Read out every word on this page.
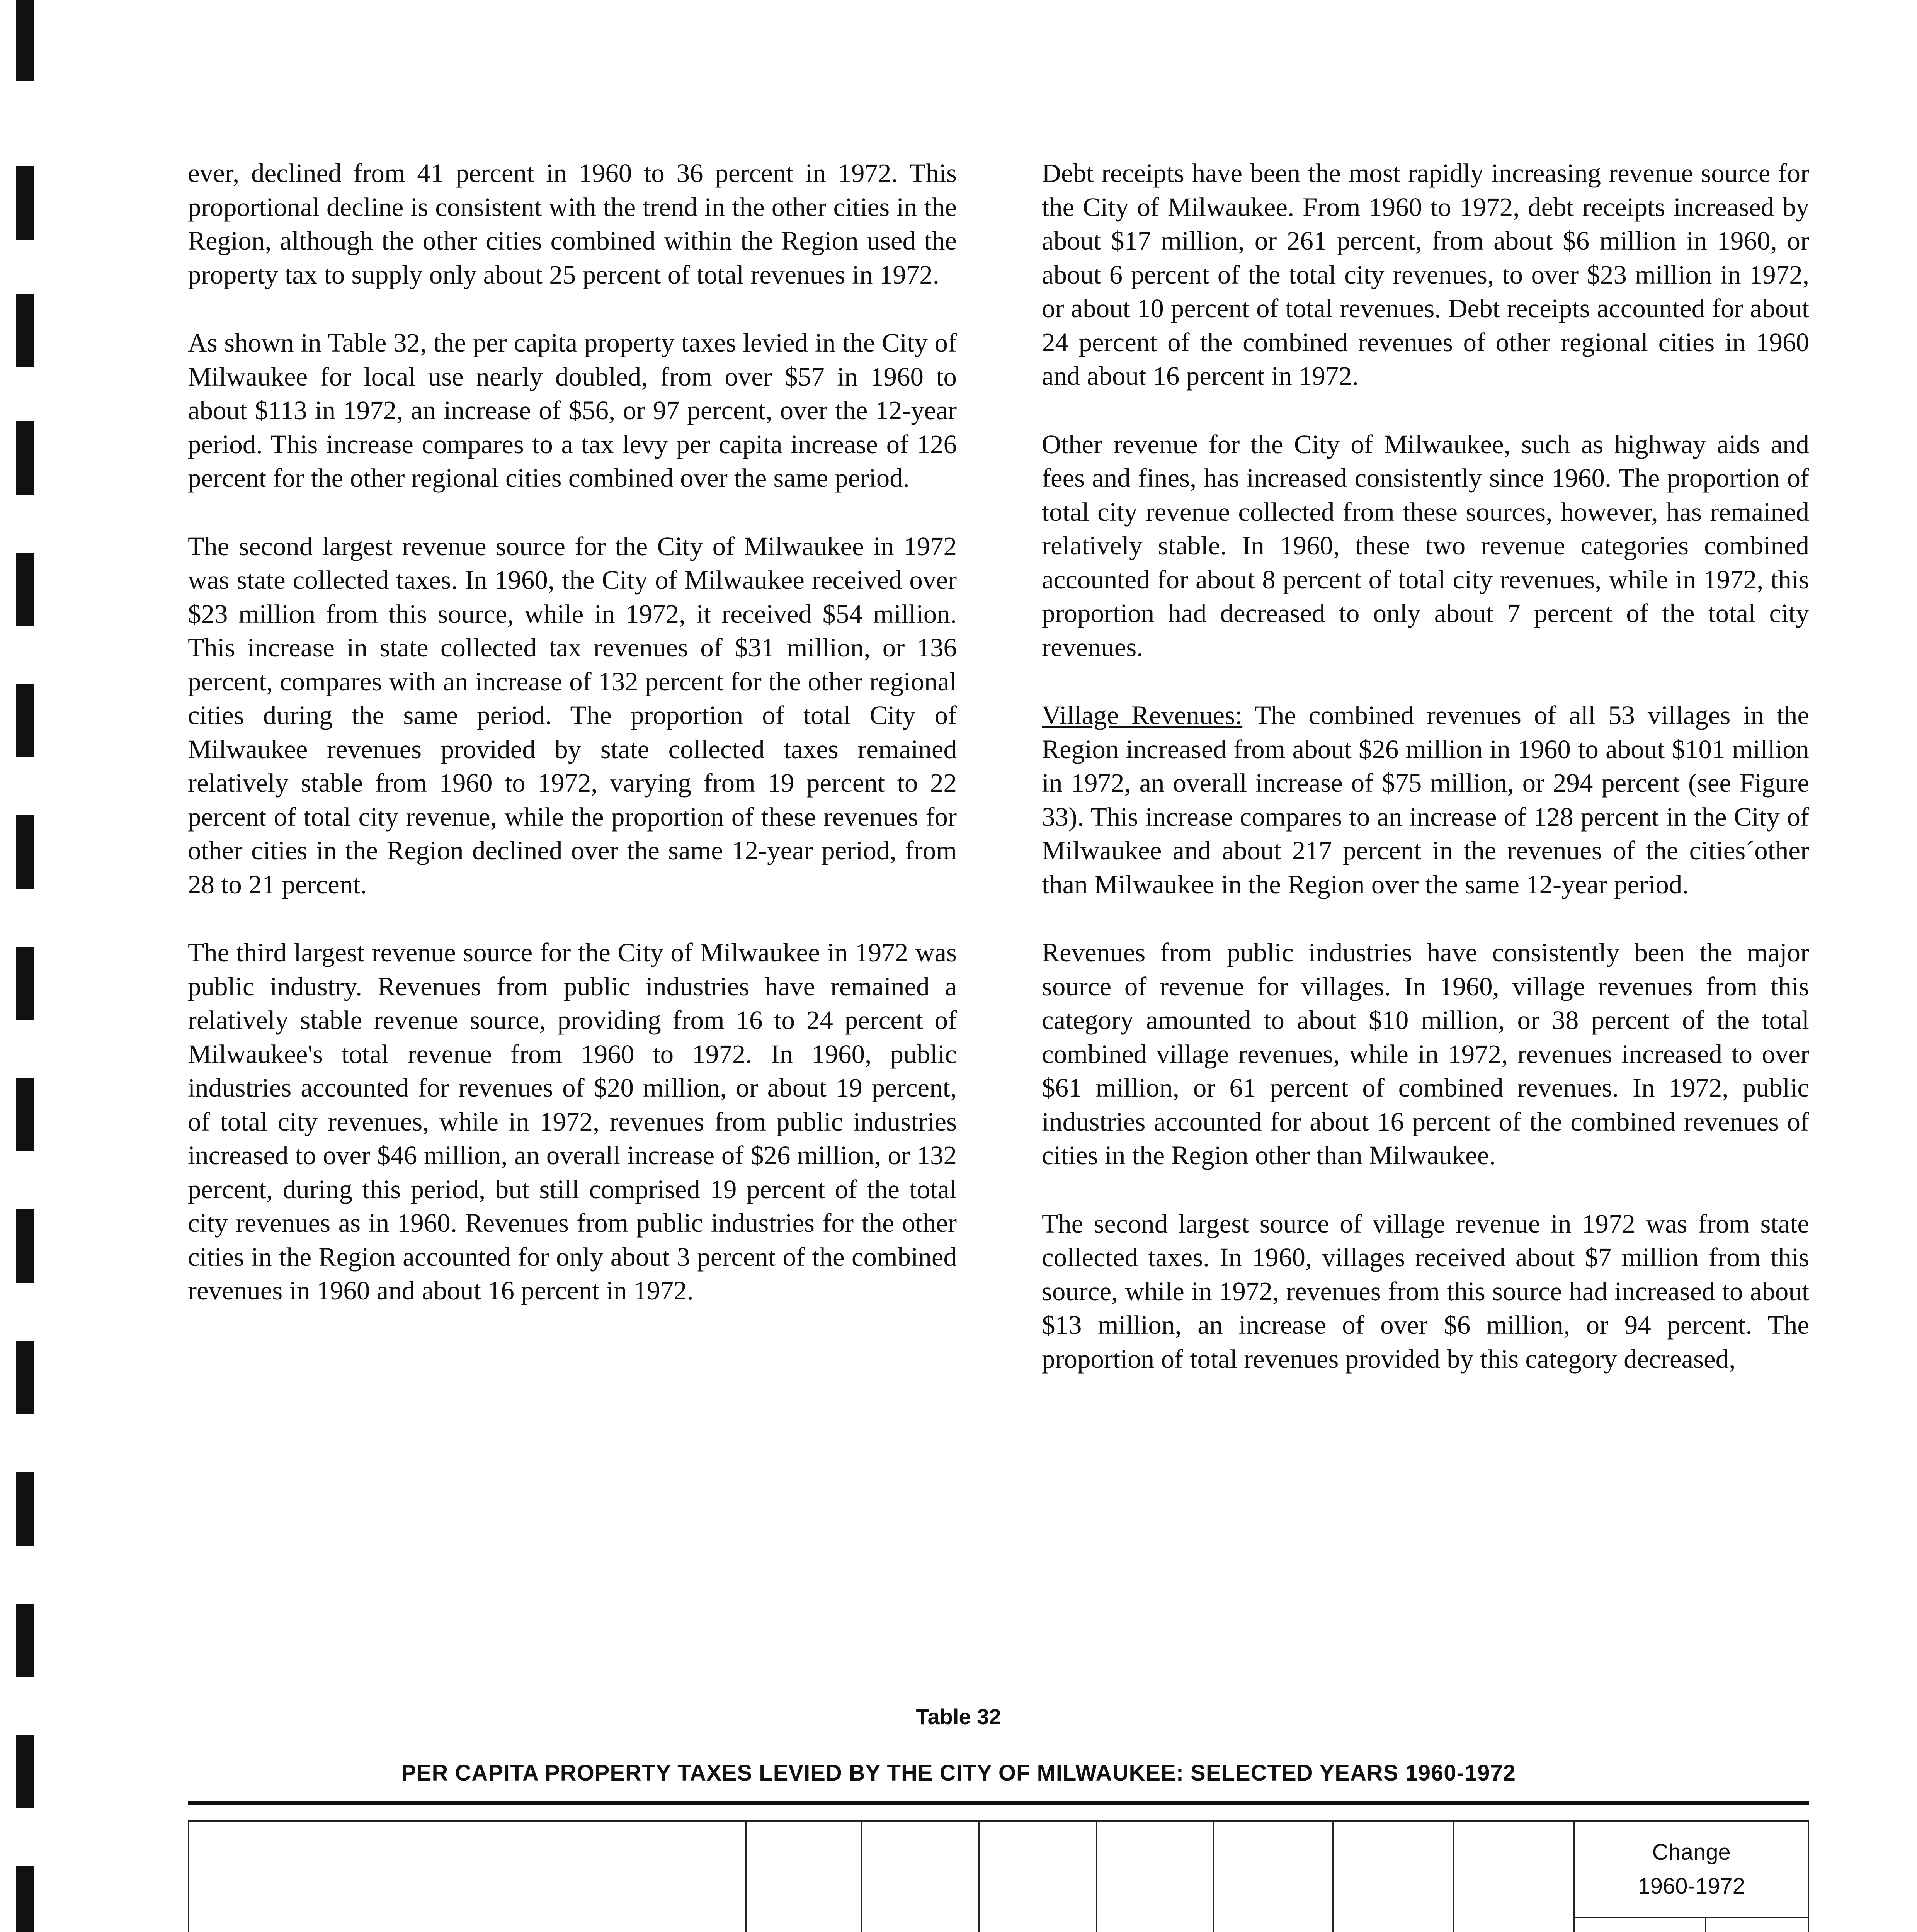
ever, declined from 41 percent in 1960 to 36 percent in 1972. This proportional decline is consistent with the trend in the other cities in the Region, although the other cities combined within the Region used the property tax to supply only about 25 percent of total revenues in 1972.

As shown in Table 32, the per capita property taxes levied in the City of Milwaukee for local use nearly doubled, from over $57 in 1960 to about $113 in 1972, an increase of $56, or 97 percent, over the 12-year period. This increase compares to a tax levy per capita increase of 126 percent for the other regional cities combined over the same period.

The second largest revenue source for the City of Milwaukee in 1972 was state collected taxes. In 1960, the City of Milwaukee received over $23 million from this source, while in 1972, it received $54 million. This increase in state collected tax revenues of $31 million, or 136 percent, compares with an increase of 132 percent for the other regional cities during the same period. The proportion of total City of Milwaukee revenues provided by state collected taxes remained relatively stable from 1960 to 1972, varying from 19 percent to 22 percent of total city revenue, while the proportion of these revenues for other cities in the Region declined over the same 12-year period, from 28 to 21 percent.

The third largest revenue source for the City of Milwaukee in 1972 was public industry. Revenues from public industries have remained a relatively stable revenue source, providing from 16 to 24 percent of Milwaukee's total revenue from 1960 to 1972. In 1960, public industries accounted for revenues of $20 million, or about 19 percent, of total city revenues, while in 1972, revenues from public industries increased to over $46 million, an overall increase of $26 million, or 132 percent, during this period, but still comprised 19 percent of the total city revenues as in 1960. Revenues from public industries for the other cities in the Region accounted for only about 3 percent of the combined revenues in 1960 and about 16 percent in 1972.

Debt receipts have been the most rapidly increasing revenue source for the City of Milwaukee. From 1960 to 1972, debt receipts increased by about $17 million, or 261 percent, from about $6 million in 1960, or about 6 percent of the total city revenues, to over $23 million in 1972, or about 10 percent of total revenues. Debt receipts accounted for about 24 percent of the combined revenues of other regional cities in 1960 and about 16 percent in 1972.

Other revenue for the City of Milwaukee, such as highway aids and fees and fines, has increased consistently since 1960. The proportion of total city revenue collected from these sources, however, has remained relatively stable. In 1960, these two revenue categories combined accounted for about 8 percent of total city revenues, while in 1972, this proportion had decreased to only about 7 percent of the total city revenues.

Village Revenues: The combined revenues of all 53 villages in the Region increased from about $26 million in 1960 to about $101 million in 1972, an overall increase of $75 million, or 294 percent (see Figure 33). This increase compares to an increase of 128 percent in the City of Milwaukee and about 217 percent in the revenues of the cities´other than Milwaukee in the Region over the same 12-year period.

Revenues from public industries have consistently been the major source of revenue for villages. In 1960, village revenues from this category amounted to about $10 million, or 38 percent of the total combined village revenues, while in 1972, revenues increased to over $61 million, or 61 percent of combined revenues. In 1972, public industries accounted for about 16 percent of the combined revenues of cities in the Region other than Milwaukee.

The second largest source of village revenue in 1972 was from state collected taxes. In 1960, villages received about $7 million from this source, while in 1972, revenues from this source had increased to about $13 million, an increase of over $6 million, or 94 percent. The proportion of total revenues provided by this category decreased,

Table 32
PER CAPITA PROPERTY TAXES LEVIED BY THE CITY OF MILWAUKEE: SELECTED YEARS 1960-1972

Change 1960-1972	
